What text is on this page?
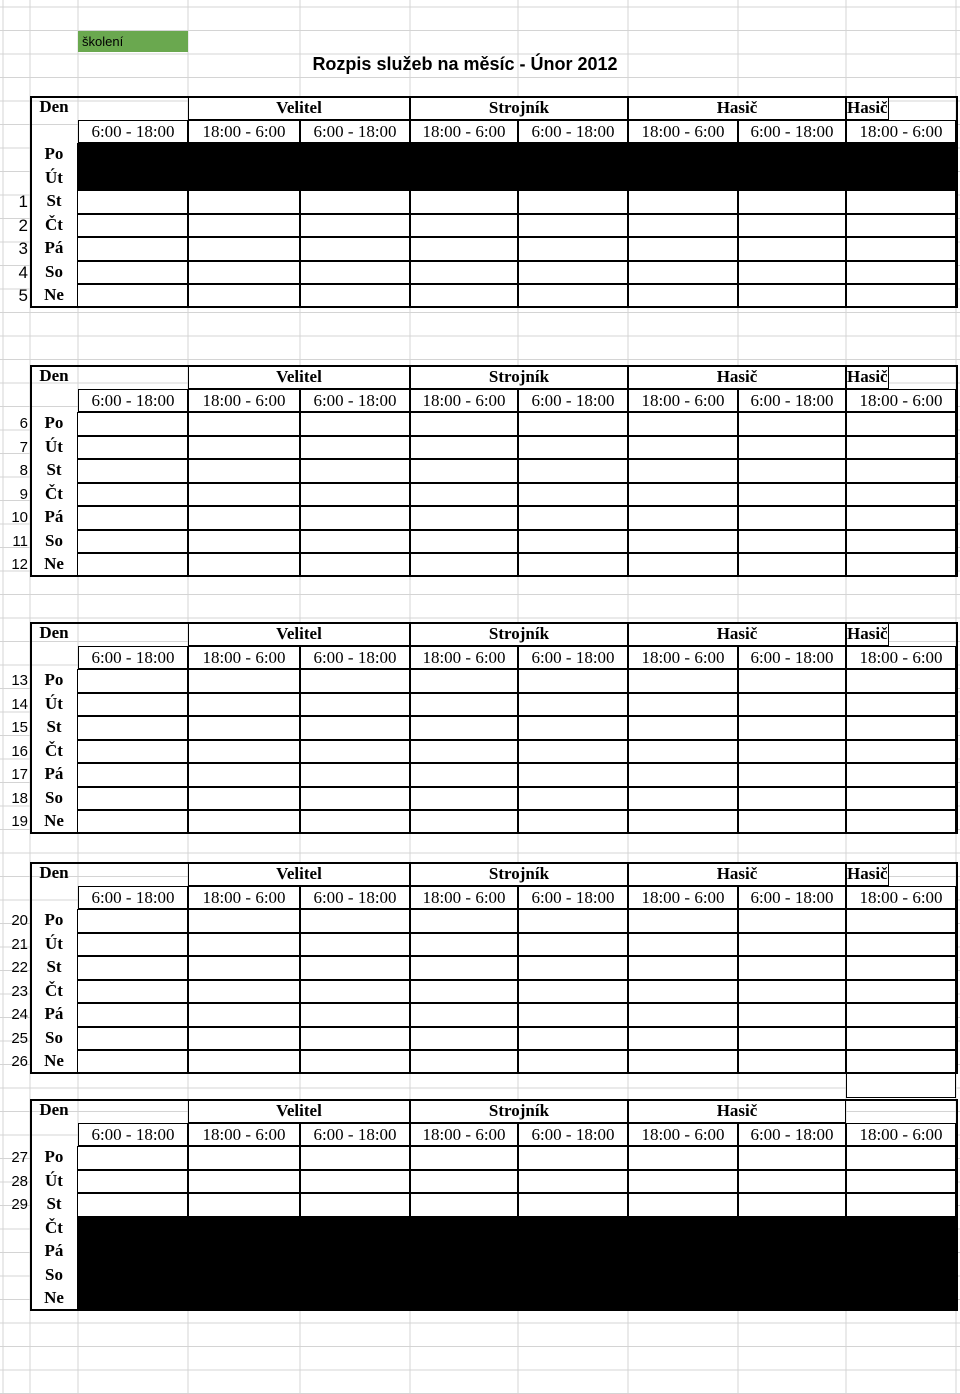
školení
Rozpis služeb na měsíc - Únor 2012
Den	Velitel	Strojník	Hasič	Hasič
6:00 - 18:00	18:00 - 6:00	6:00 - 18:00	18:00 - 6:00	6:00 - 18:00	18:00 - 6:00	6:00 - 18:00	18:00 - 6:00
Po
Út
1	St
2	Čt
3 Pá
4	So
5 Ne
Den	Velitel	Strojník	Hasič	Hasič
6:00 - 18:00	18:00 - 6:00	6:00 - 18:00	18:00 - 6:00	6:00 - 18:00	18:00 - 6:00	6:00 - 18:00	18:00 - 6:00
6 Po
7	Út
8	St
9	Čt
10 Pá
11	So
12 Ne
Den	Velitel	Strojník	Hasič	Hasič
6:00 - 18:00	18:00 - 6:00	6:00 - 18:00	18:00 - 6:00	6:00 - 18:00	18:00 - 6:00	6:00 - 18:00	18:00 - 6:00
13 Po
14	Út
15	St
16	Čt
17 Pá
18	So
19 Ne
Den	Velitel	Strojník	Hasič	Hasič
6:00 - 18:00	18:00 - 6:00	6:00 - 18:00	18:00 - 6:00	6:00 - 18:00	18:00 - 6:00	6:00 - 18:00	18:00 - 6:00
20 Po
21	Út
22	St
23	Čt
24 Pá
25	So
26 Ne
Den	Velitel	Strojník	Hasič
6:00 - 18:00	18:00 - 6:00	6:00 - 18:00	18:00 - 6:00	6:00 - 18:00	18:00 - 6:00	6:00 - 18:00	18:00 - 6:00
27 Po
28	Út
29	St
Čt
Pá
So
Ne
